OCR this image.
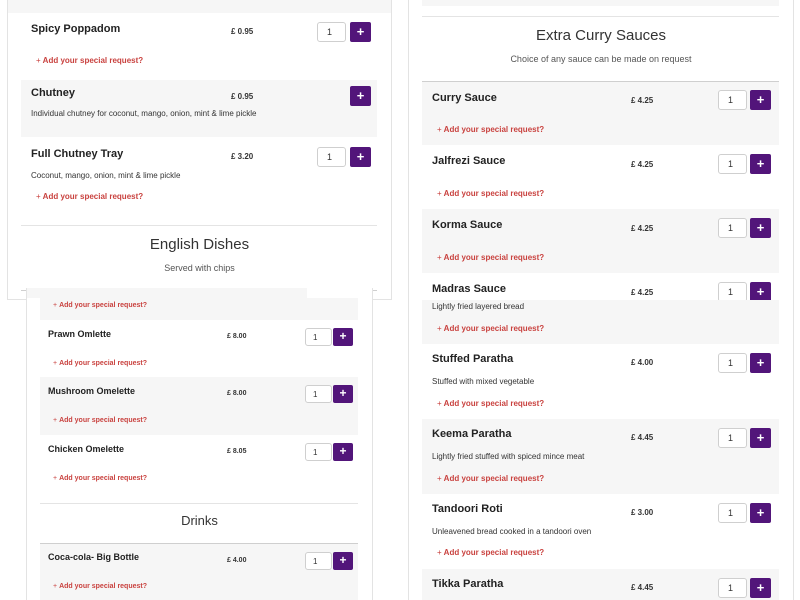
Spicy Poppadom	£ 0.95	1	+
+ Add your special request?
Chutney	£ 0.95	+
Individual chutney for coconut, mango, onion, mint & lime pickle
Full Chutney Tray	£ 3.20	1	+
Coconut, mango, onion, mint & lime pickle
+ Add your special request?
English Dishes
Served with chips
Extra Curry Sauces
Choice of any sauce can be made on request
Curry Sauce	£ 4.25	1	+
+ Add your special request?
Jalfrezi Sauce	£ 4.25	1	+
+ Add your special request?
Korma Sauce	£ 4.25	1	+
+ Add your special request?
Madras Sauce	£ 4.25	1	+
+ Add your special request?
Prawn Omlette	£ 8.00	1	+
+ Add your special request?
Mushroom Omelette	£ 8.00	1	+
+ Add your special request?
Chicken Omelette	£ 8.05	1	+
+ Add your special request?
Drinks
Coca-cola- Big Bottle	£ 4.00	1	+
+ Add your special request?
Lightly fried layered bread
+ Add your special request?
Stuffed Paratha	£ 4.00	1	+
Stuffed with mixed vegetable
+ Add your special request?
Keema Paratha	£ 4.45	1	+
Lightly fried stuffed with spiced mince meat
+ Add your special request?
Tandoori Roti	£ 3.00	1	+
Unleavened bread cooked in a tandoori oven
+ Add your special request?
Tikka Paratha	£ 4.45	1	+
